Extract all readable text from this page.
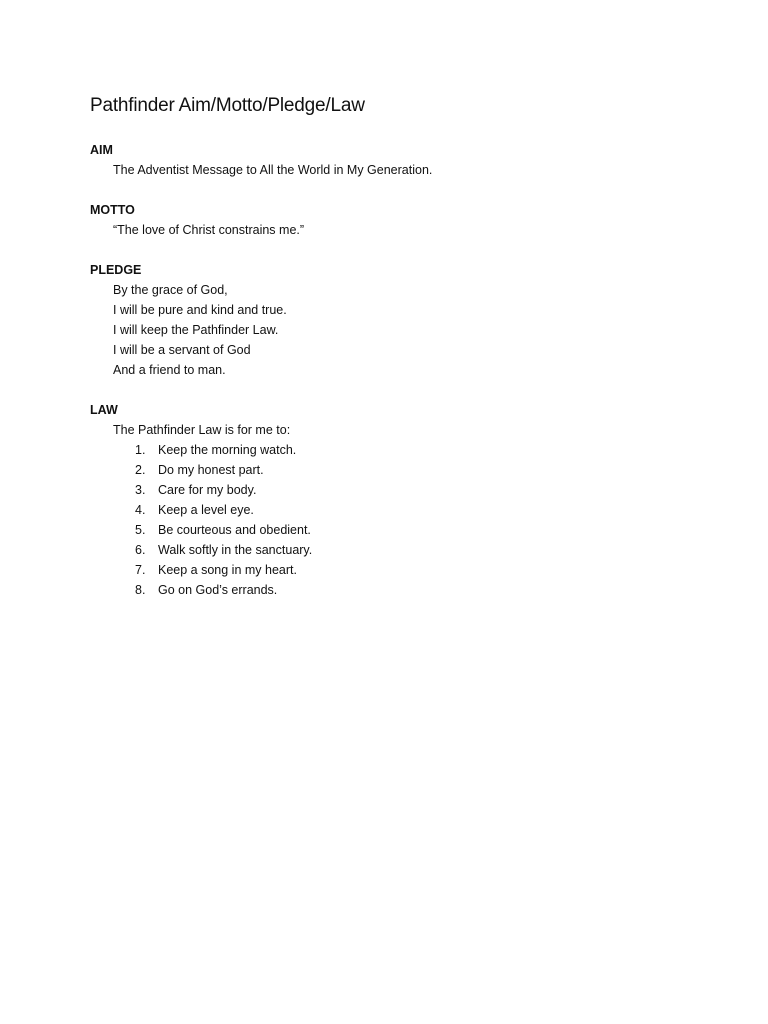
Pathfinder Aim/Motto/Pledge/Law
AIM
The Adventist Message to All the World in My Generation.
MOTTO
“The love of Christ constrains me.”
PLEDGE
By the grace of God,
I will be pure and kind and true.
I will keep the Pathfinder Law.
I will be a servant of God
And a friend to man.
LAW
The Pathfinder Law is for me to:
1.	Keep the morning watch.
2.	Do my honest part.
3.	Care for my body.
4.	Keep a level eye.
5.	Be courteous and obedient.
6.	Walk softly in the sanctuary.
7.	Keep a song in my heart.
8.	Go on God’s errands.
